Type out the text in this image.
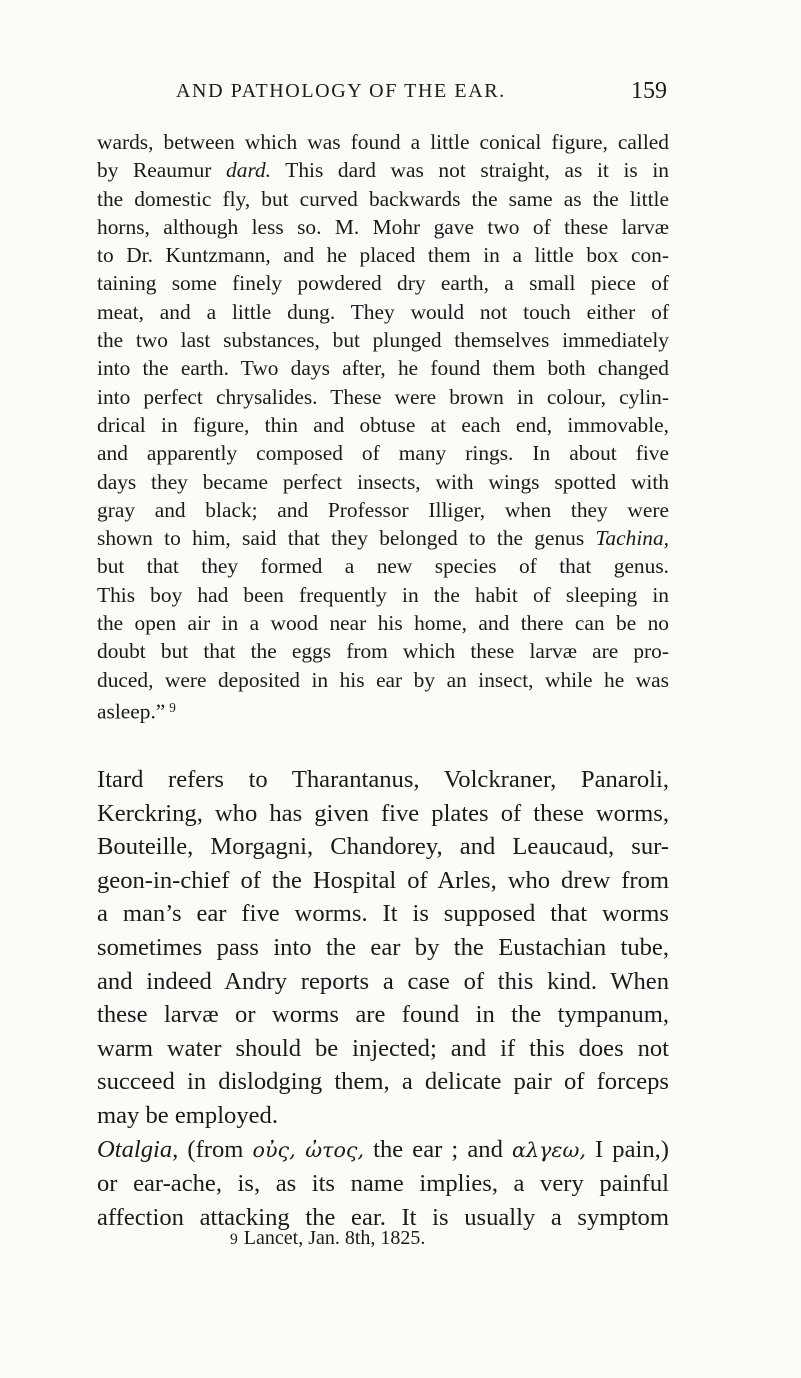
AND PATHOLOGY OF THE EAR.	159
wards, between which was found a little conical figure, called
by Reaumur dard. This dard was not straight, as it is in
the domestic fly, but curved backwards the same as the little
horns, although less so. M. Mohr gave two of these larvæ
to Dr. Kuntzmann, and he placed them in a little box con-
taining some finely powdered dry earth, a small piece of
meat, and a little dung. They would not touch either of
the two last substances, but plunged themselves immediately
into the earth. Two days after, he found them both changed
into perfect chrysalides. These were brown in colour, cylin-
drical in figure, thin and obtuse at each end, immovable,
and apparently composed of many rings. In about five
days they became perfect insects, with wings spotted with
gray and black; and Professor Illiger, when they were
shown to him, said that they belonged to the genus Tachina,
but that they formed a new species of that genus.
This boy had been frequently in the habit of sleeping in
the open air in a wood near his home, and there can be no
doubt but that the eggs from which these larvæ are pro-
duced, were deposited in his ear by an insect, while he was
asleep.” $^9$
Itard refers to Tharantanus, Volckraner, Panaroli,
Kerckring, who has given five plates of these worms,
Bouteille, Morgagni, Chandorey, and Leaucaud, sur-
geon-in-chief of the Hospital of Arles, who drew from
a man’s ear five worms. It is supposed that worms
sometimes pass into the ear by the Eustachian tube,
and indeed Andry reports a case of this kind. When
these larvæ or worms are found in the tympanum,
warm water should be injected; and if this does not
succeed in dislodging them, a delicate pair of forceps
may be employed.
Otalgia, (from οὐς, ὠτος, the ear ; and αλγεω, I pain,)
or ear-ache, is, as its name implies, a very painful
affection attacking the ear. It is usually a symptom
9 Lancet, Jan. 8th, 1825.
